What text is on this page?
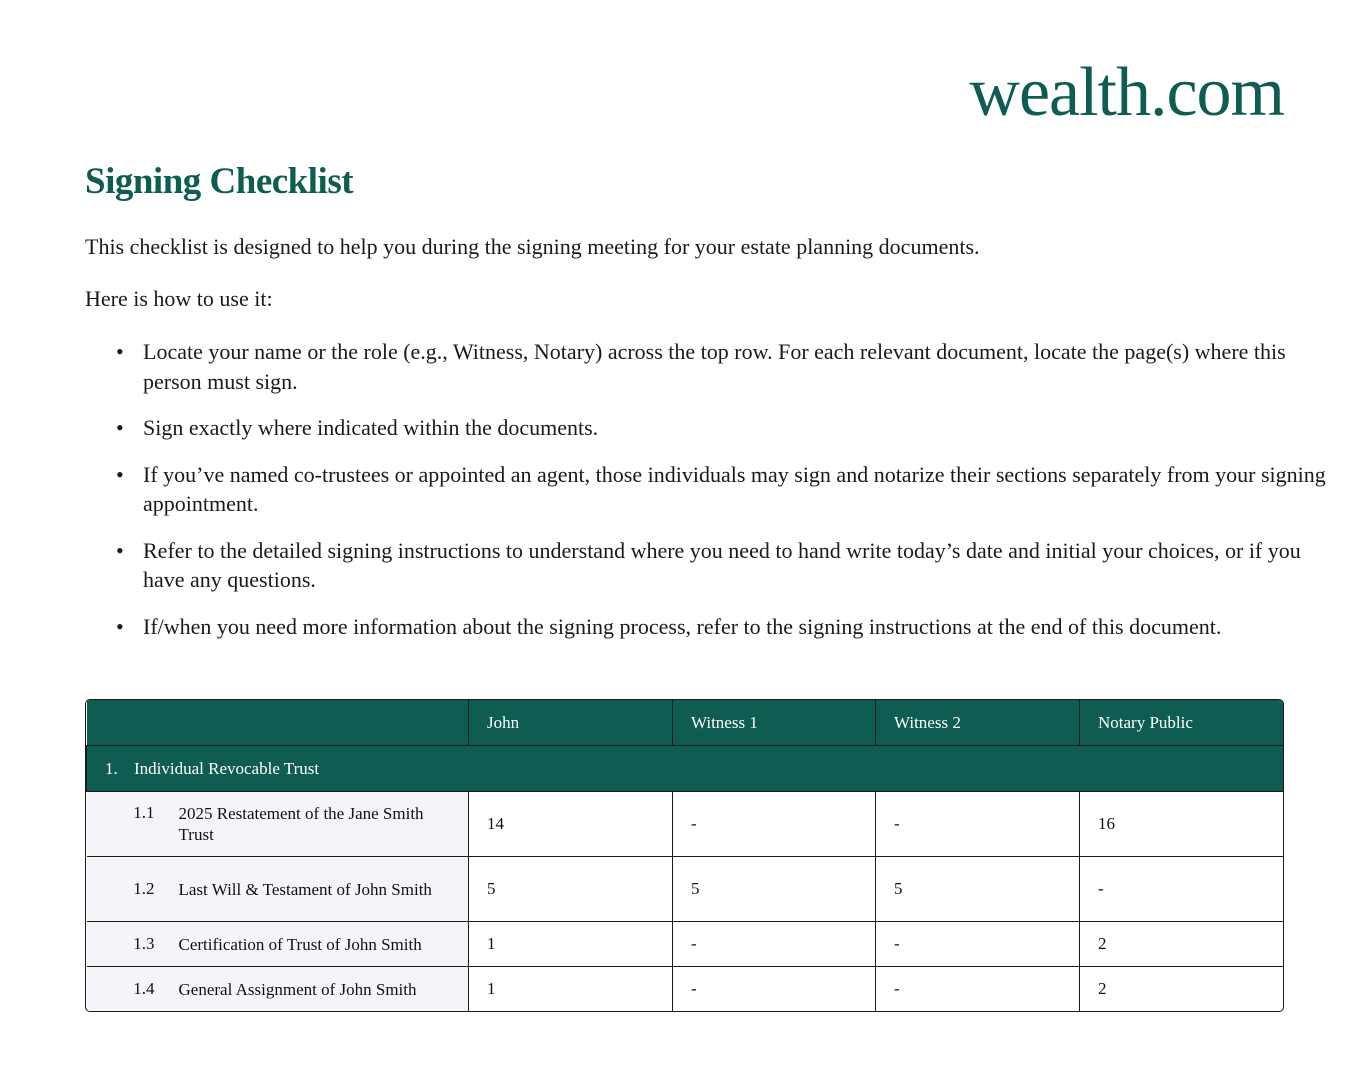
wealth.com
Signing Checklist

This checklist is designed to help you during the signing meeting for your estate planning documents.

Here is how to use it:

• Locate your name or the role (e.g., Witness, Notary) across the top row. For each relevant document, locate the page(s) where this person must sign.
• Sign exactly where indicated within the documents.
• If you’ve named co-trustees or appointed an agent, those individuals may sign and notarize their sections separately from your signing appointment.
• Refer to the detailed signing instructions to understand where you need to hand write today’s date and initial your choices, or if you have any questions.
• If/when you need more information about the signing process, refer to the signing instructions at the end of this document.
	John	Witness 1	Witness 2	Notary Public
1. Individual Revocable Trust				

1.1 2025 Restatement of the Jane Smith Trust	14	-	-	16

1.2 Last Will & Testament of John Smith	5	5	5	-

1.3 Certification of Trust of John Smith	1	-	-	2

1.4 General Assignment of John Smith	1	-	-	2
